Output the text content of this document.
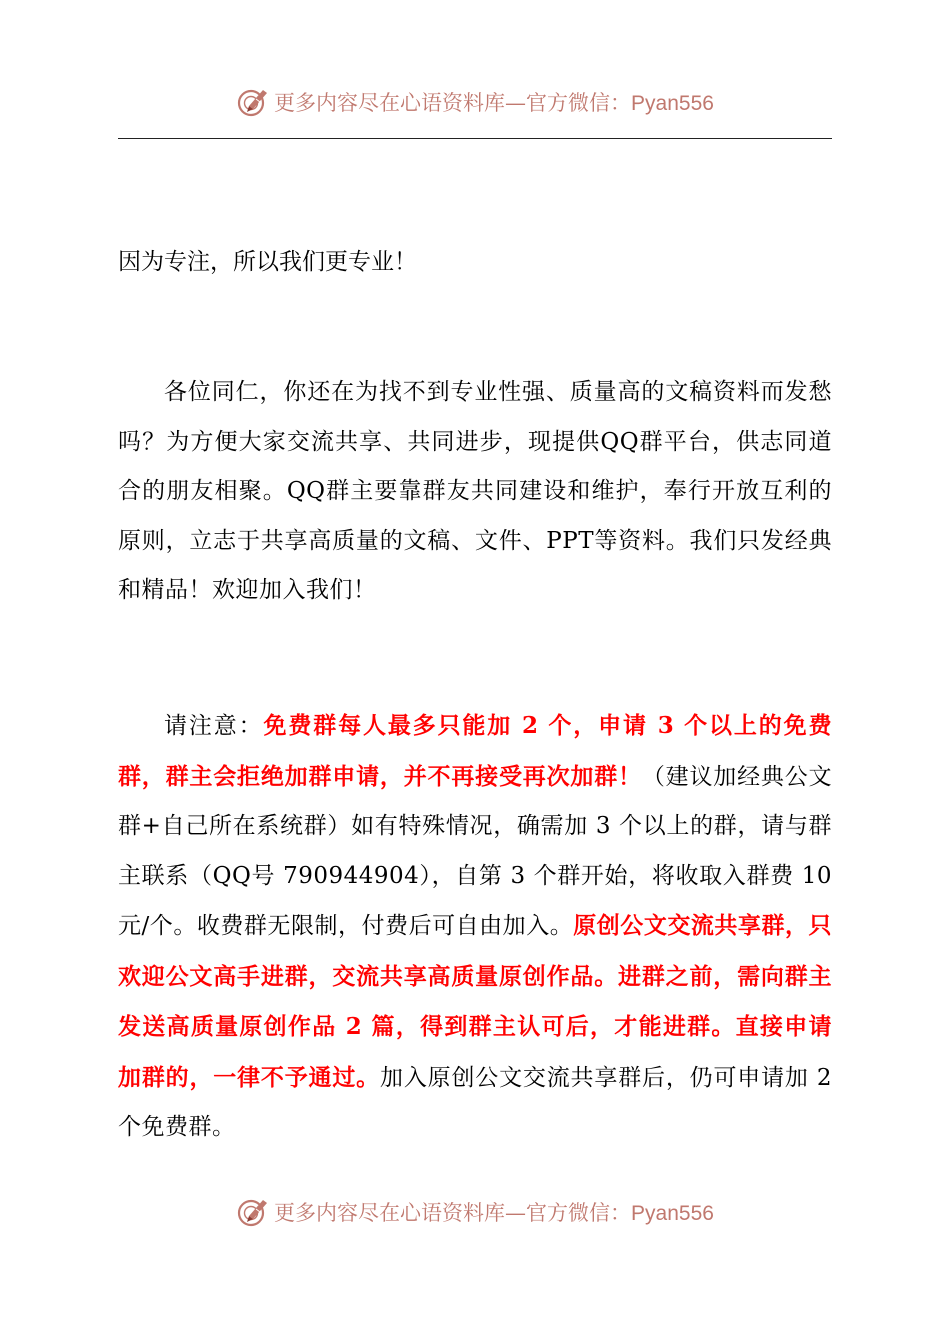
更多内容尽在心语资料库—官方微信：Pyan556
因为专注，所以我们更专业！

各位同仁，你还在为找不到专业性强、质量高的文稿资料而发愁吗？为方便大家交流共享、共同进步，现提供QQ群平台，供志同道合的朋友相聚。QQ群主要靠群友共同建设和维护，奉行开放互利的原则，立志于共享高质量的文稿、文件、PPT等资料。我们只发经典和精品！欢迎加入我们！

请注意：免费群每人最多只能加 2 个，申请 3 个以上的免费群，群主会拒绝加群申请，并不再接受再次加群！（建议加经典公文群+自己所在系统群）如有特殊情况，确需加 3 个以上的群，请与群主联系（QQ号 790944904），自第 3 个群开始，将收取入群费 10 元/个。收费群无限制，付费后可自由加入。原创公文交流共享群，只欢迎公文高手进群，交流共享高质量原创作品。进群之前，需向群主发送高质量原创作品 2 篇，得到群主认可后，才能进群。直接申请加群的，一律不予通过。加入原创公文交流共享群后，仍可申请加 2 个免费群。

更多内容尽在心语资料库—官方微信：Pyan556
